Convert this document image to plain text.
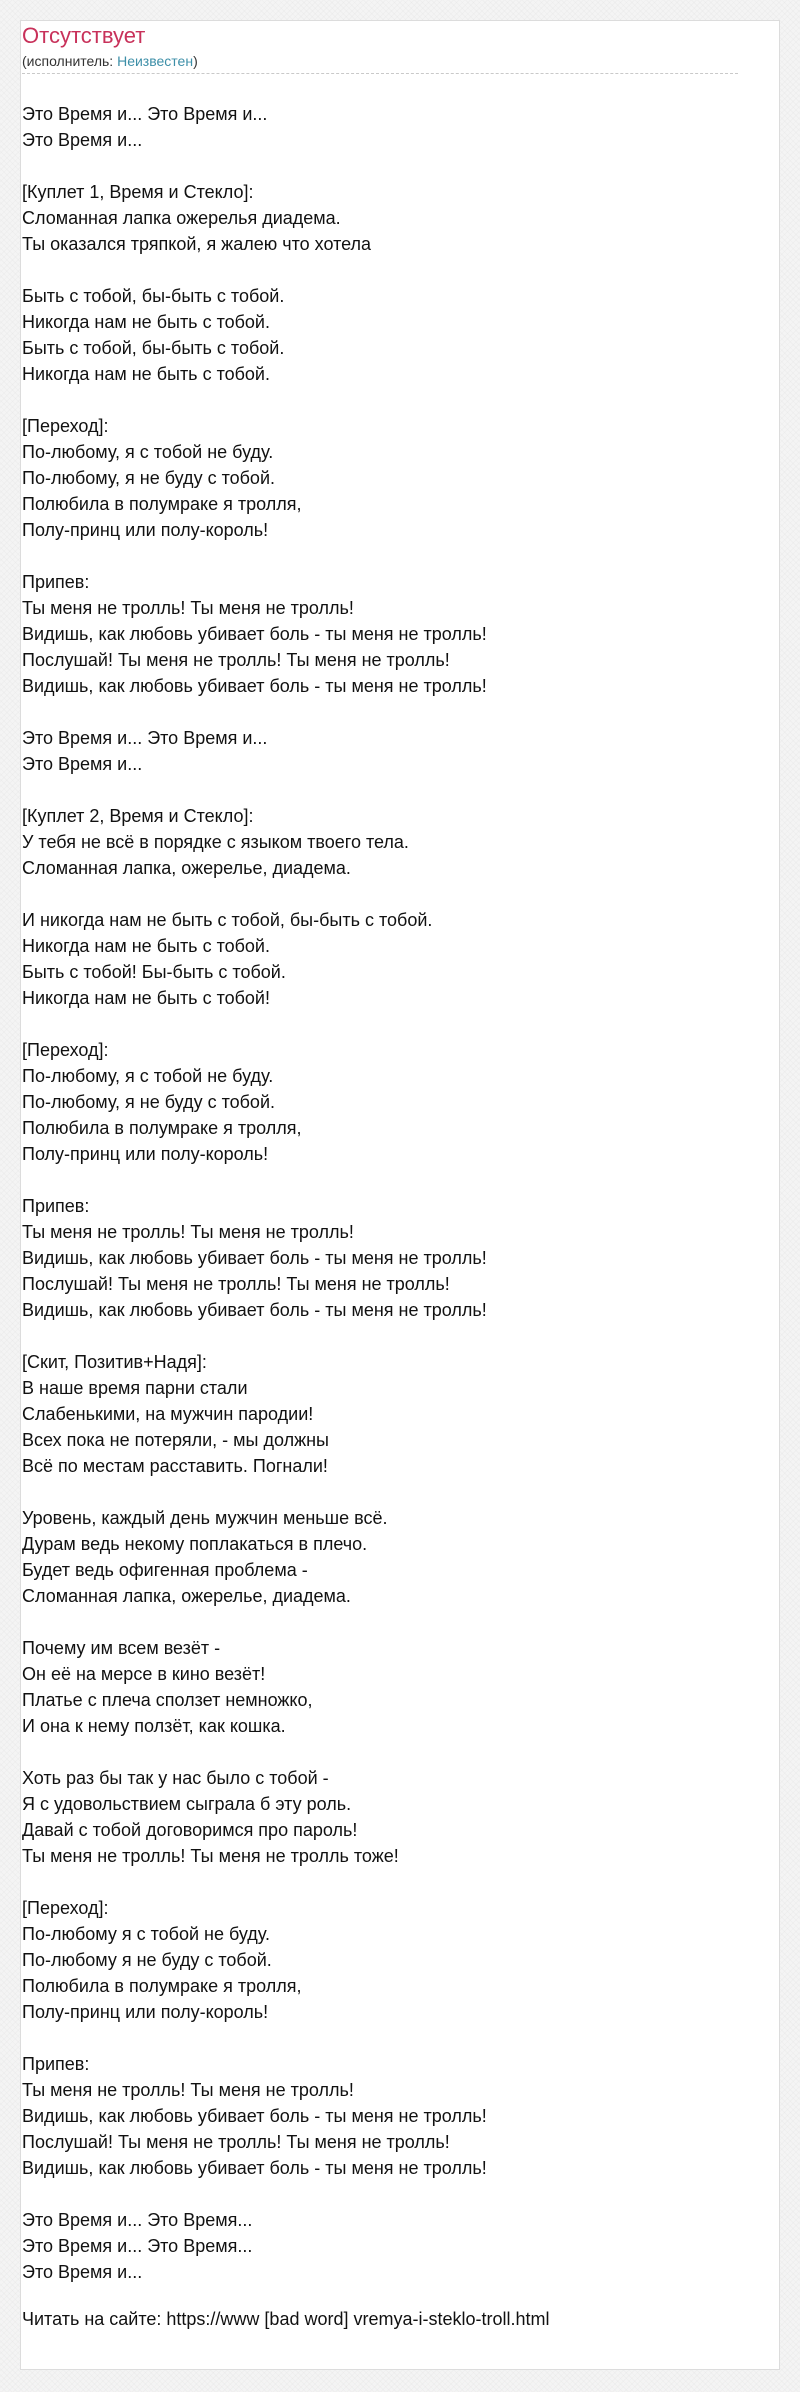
Отсутствует
(исполнитель: Неизвестен)
Это Время и... Это Время и...
Это Время и...
[Куплет 1, Время и Стекло]:
Сломанная лапка ожерелья диадема.
Ты оказался тряпкой, я жалею что хотела
Быть с тобой, бы-быть с тобой.
Никогда нам не быть с тобой.
Быть с тобой, бы-быть с тобой.
Никогда нам не быть с тобой.
[Переход]:
По-любому, я с тобой не буду.
По-любому, я не буду с тобой.
Полюбила в полумраке я тролля,
Полу-принц или полу-король!
Припев:
Ты меня не тролль! Ты меня не тролль!
Видишь, как любовь убивает боль - ты меня не тролль!
Послушай! Ты меня не тролль! Ты меня не тролль!
Видишь, как любовь убивает боль - ты меня не тролль!
Это Время и... Это Время и...
Это Время и...
[Куплет 2, Время и Стекло]:
У тебя не всё в порядке с языком твоего тела.
Сломанная лапка, ожерелье, диадема.
И никогда нам не быть с тобой, бы-быть с тобой.
Никогда нам не быть с тобой.
Быть с тобой! Бы-быть с тобой.
Никогда нам не быть с тобой!
[Переход]:
По-любому, я с тобой не буду.
По-любому, я не буду с тобой.
Полюбила в полумраке я тролля,
Полу-принц или полу-король!
Припев:
Ты меня не тролль! Ты меня не тролль!
Видишь, как любовь убивает боль - ты меня не тролль!
Послушай! Ты меня не тролль! Ты меня не тролль!
Видишь, как любовь убивает боль - ты меня не тролль!
[Скит, Позитив+Надя]:
В наше время парни стали
Слабенькими, на мужчин пародии!
Всех пока не потеряли, - мы должны
Всё по местам расставить. Погнали!
Уровень, каждый день мужчин меньше всё.
Дурам ведь некому поплакаться в плечо.
Будет ведь офигенная проблема -
Сломанная лапка, ожерелье, диадема.
Почему им всем везёт -
Он её на мерсе в кино везёт!
Платье с плеча сползет немножко,
И она к нему ползёт, как кошка.
Хоть раз бы так у нас было с тобой -
Я с удовольствием сыграла б эту роль.
Давай с тобой договоримся про пароль!
Ты меня не тролль! Ты меня не тролль тоже!
[Переход]:
По-любому я с тобой не буду.
По-любому я не буду с тобой.
Полюбила в полумраке я тролля,
Полу-принц или полу-король!
Припев:
Ты меня не тролль! Ты меня не тролль!
Видишь, как любовь убивает боль - ты меня не тролль!
Послушай! Ты меня не тролль! Ты меня не тролль!
Видишь, как любовь убивает боль - ты меня не тролль!
Это Время и... Это Время...
Это Время и... Это Время...
Это Время и...
Читать на сайте: https://www [bad word] vremyа-i-steklo-troll.html
